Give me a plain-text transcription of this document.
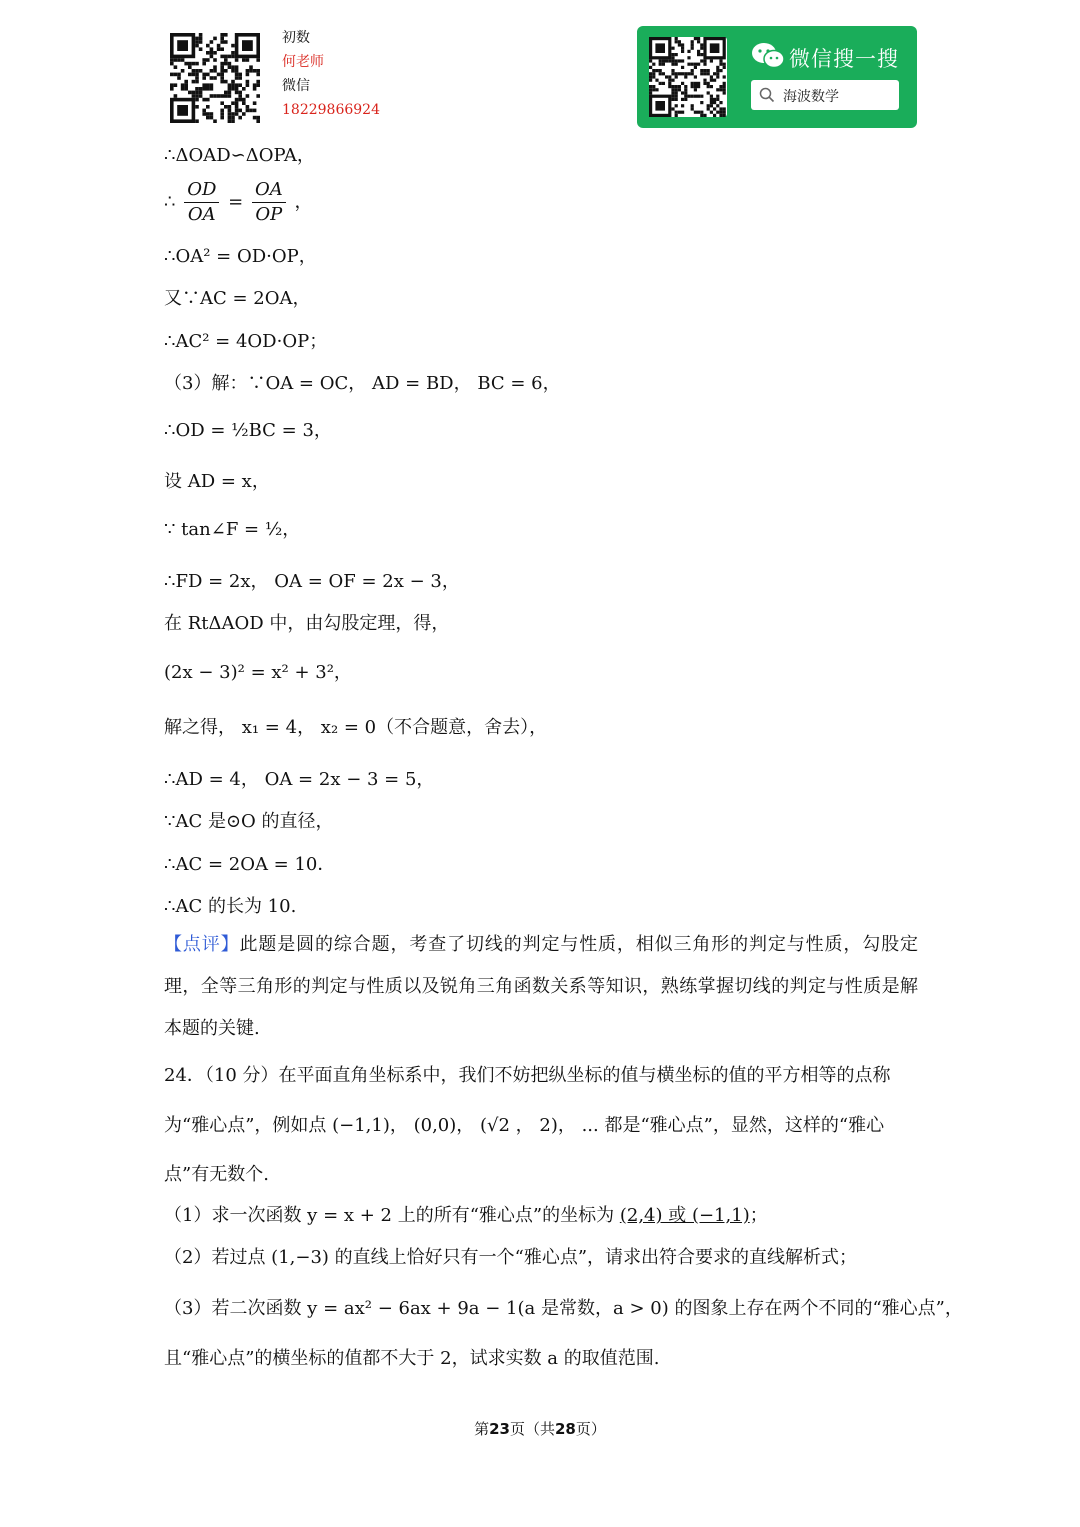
初数
何老师
微信
18229866924
微信搜一搜
海波数学
∴ΔOAD∽ΔOPA，
∴ $\frac{OD}{OA} = \frac{OA}{OP}$ ，
∴OA² = OD·OP，
又∵AC = 2OA，
∴AC² = 4OD·OP；
（3）解：∵OA = OC， AD = BD， BC = 6，
∴OD = ½BC = 3，
设 AD = x，
∵ tan∠F = ½，
∴FD = 2x， OA = OF = 2x − 3，
在 RtΔAOD 中，由勾股定理，得，
(2x − 3)² = x² + 3²，
解之得， x₁ = 4， x₂ = 0（不合题意，舍去），
∴AD = 4， OA = 2x − 3 = 5，
∵AC 是⊙O 的直径，
∴AC = 2OA = 10．
∴AC 的长为 10.
【点评】此题是圆的综合题，考查了切线的判定与性质，相似三角形的判定与性质，勾股定理，全等三角形的判定与性质以及锐角三角函数关系等知识，熟练掌握切线的判定与性质是解本题的关键.
24．（10 分）在平面直角坐标系中，我们不妨把纵坐标的值与横坐标的值的平方相等的点称
为“雅心点”，例如点 (−1,1)， (0,0)， (√2 ， 2)， ... 都是“雅心点”，显然，这样的“雅心
点”有无数个.
（1）求一次函数 y = x + 2 上的所有“雅心点”的坐标为 (2,4) 或 (−1,1)；
（2）若过点 (1,−3) 的直线上恰好只有一个“雅心点”，请求出符合要求的直线解析式；
（3）若二次函数 y = ax² − 6ax + 9a − 1(a 是常数，a > 0) 的图象上存在两个不同的“雅心点”，
且“雅心点”的横坐标的值都不大于 2，试求实数 a 的取值范围.
第23页（共28页）
